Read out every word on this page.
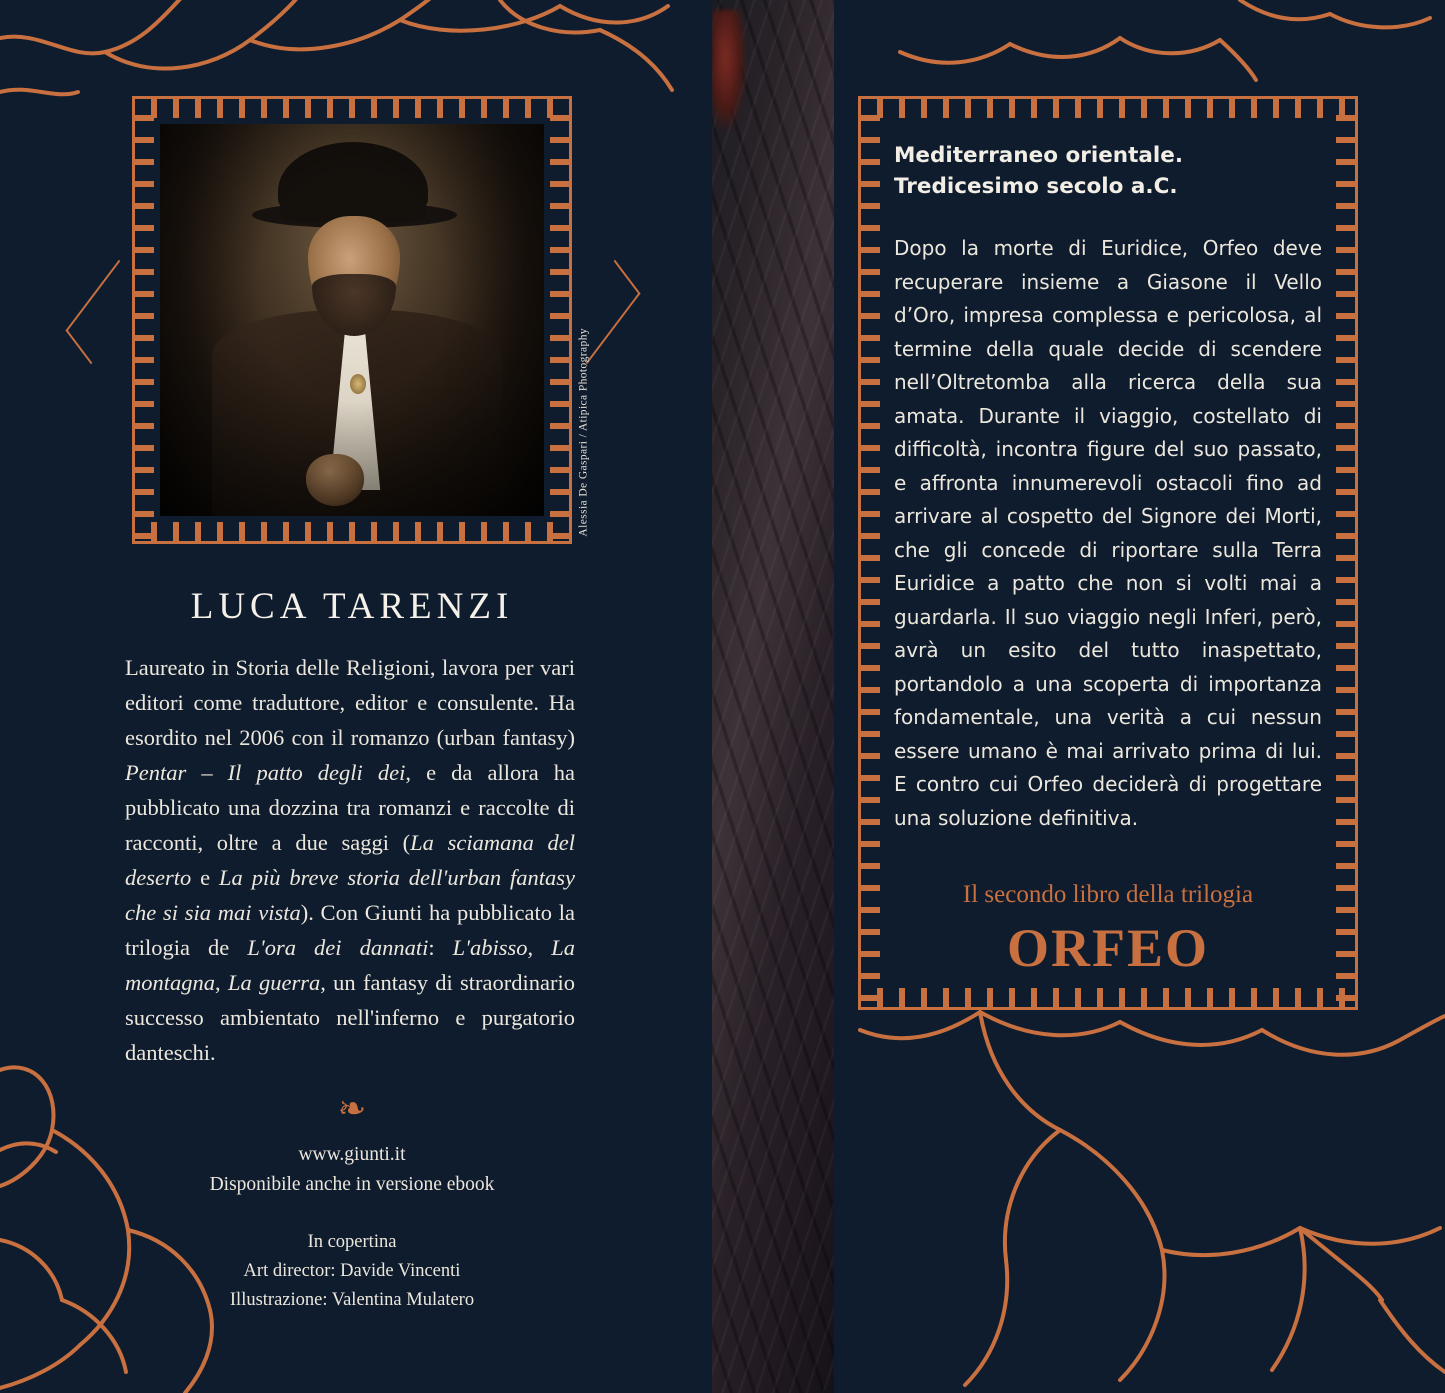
Alessia De Gaspari / Atipica Photography
LUCA TARENZI
Laureato in Storia delle Religioni, lavora per vari editori come traduttore, editor e consulente. Ha esordito nel 2006 con il romanzo (urban fantasy) Pentar – Il patto degli dei, e da allora ha pubblicato una dozzina tra romanzi e raccolte di racconti, oltre a due saggi (La sciamana del deserto e La più breve storia dell'urban fantasy che si sia mai vista). Con Giunti ha pubblicato la trilogia de L'ora dei dannati: L'abisso, La montagna, La guerra, un fantasy di straordinario successo ambientato nell'inferno e purgatorio danteschi.
❧
www.giunti.it
Disponibile anche in versione ebook
In copertina
Art director: Davide Vincenti
Illustrazione: Valentina Mulatero
Mediterraneo orientale.
Tredicesimo secolo a.C.
Dopo la morte di Euridice, Orfeo deve recuperare insieme a Giasone il Vello d’Oro, impresa complessa e pericolosa, al termine della quale decide di scendere nell’Oltretomba alla ricerca della sua amata. Durante il viaggio, costellato di difficoltà, incontra figure del suo passato, e affronta innumerevoli ostacoli fino ad arrivare al cospetto del Signore dei Morti, che gli concede di riportare sulla Terra Euridice a patto che non si volti mai a guardarla. Il suo viaggio negli Inferi, però, avrà un esito del tutto inaspettato, portandolo a una scoperta di importanza fondamentale, una verità a cui nessun essere umano è mai arrivato prima di lui. E contro cui Orfeo deciderà di progettare una soluzione definitiva.
Il secondo libro della trilogia
ORFEO
